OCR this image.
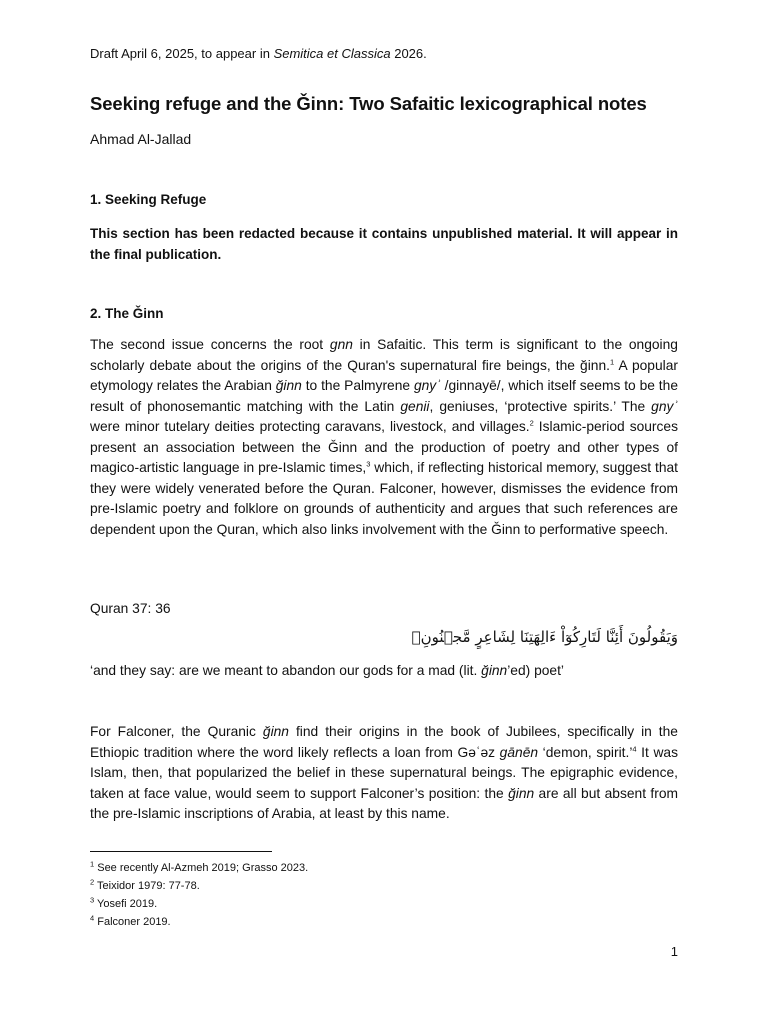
Draft April 6, 2025, to appear in Semitica et Classica 2026.

Seeking refuge and the Ǧinn: Two Safaitic lexicographical notes

Ahmad Al-Jallad

1. Seeking Refuge

This section has been redacted because it contains unpublished material. It will appear in the final publication.

2. The Ǧinn

The second issue concerns the root gnn in Safaitic. This term is significant to the ongoing scholarly debate about the origins of the Quran's supernatural fire beings, the ğinn.$^1$ A popular etymology relates the Arabian ğinn to the Palmyrene gnyʾ /ginnayē/, which itself seems to be the result of phonosemantic matching with the Latin genii, geniuses, ‘protective spirits.’ The gnyʾ were minor tutelary deities protecting caravans, livestock, and villages.$^2$ Islamic-period sources present an association between the Ǧinn and the production of poetry and other types of magico-artistic language in pre-Islamic times,$^3$ which, if reflecting historical memory, suggest that they were widely venerated before the Quran. Falconer, however, dismisses the evidence from pre-Islamic poetry and folklore on grounds of authenticity and argues that such references are dependent upon the Quran, which also links involvement with the Ǧinn to performative speech.

Quran 37: 36

وَيَقُولُونَ أَئِنَّا لَتَارِكُوٓاْ ءَالِهَتِنَا لِشَاعِرٍ مَّجۡنُونِۭ

‘and they say: are we meant to abandon our gods for a mad (lit. ğinn’ed) poet’

For Falconer, the Quranic ğinn find their origins in the book of Jubilees, specifically in the Ethiopic tradition where the word likely reflects a loan from Gəʿəz gānēn ‘demon, spirit.’$^4$ It was Islam, then, that popularized the belief in these supernatural beings. The epigraphic evidence, taken at face value, would seem to support Falconer’s position: the ğinn are all but absent from the pre-Islamic inscriptions of Arabia, at least by this name.

$^1$ See recently Al-Azmeh 2019; Grasso 2023.

$^2$ Teixidor 1979: 77-78.

$^3$ Yosefi 2019.

$^4$ Falconer 2019.

1
